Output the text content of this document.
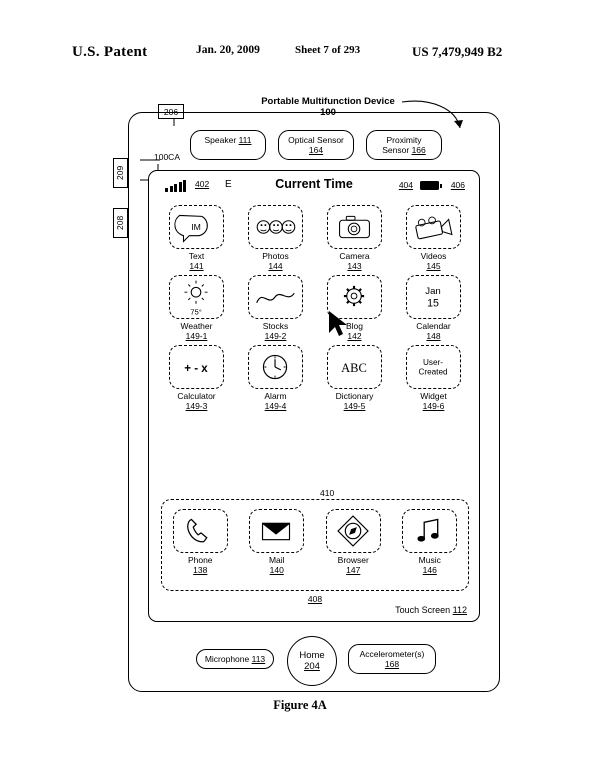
U.S. Patent	Jan. 20, 2009	Sheet 7 of 293	US 7,479,949 B2
Portable Multifunction Device
100
206
209
208
100CA
Speaker 111	Optical Sensor 164
Proximity Sensor 166
402 E	Current Time	404	406
IM
Text
141
Photos
144
Camera
143
Videos
145
75°
Weather
149-1
Stocks
149-2
Blog
142
Jan
15
Calendar
148
+ - x
Calculator
149-3
Alarm
149-4
ABC
Dictionary
149-5
User-
Created
Widget
149-6
410
Phone
138
Mail
140
Browser
147
Music
146
408
Touch Screen 112
Microphone 113	Accelerometer(s) 168
Home
204
Figure 4A
